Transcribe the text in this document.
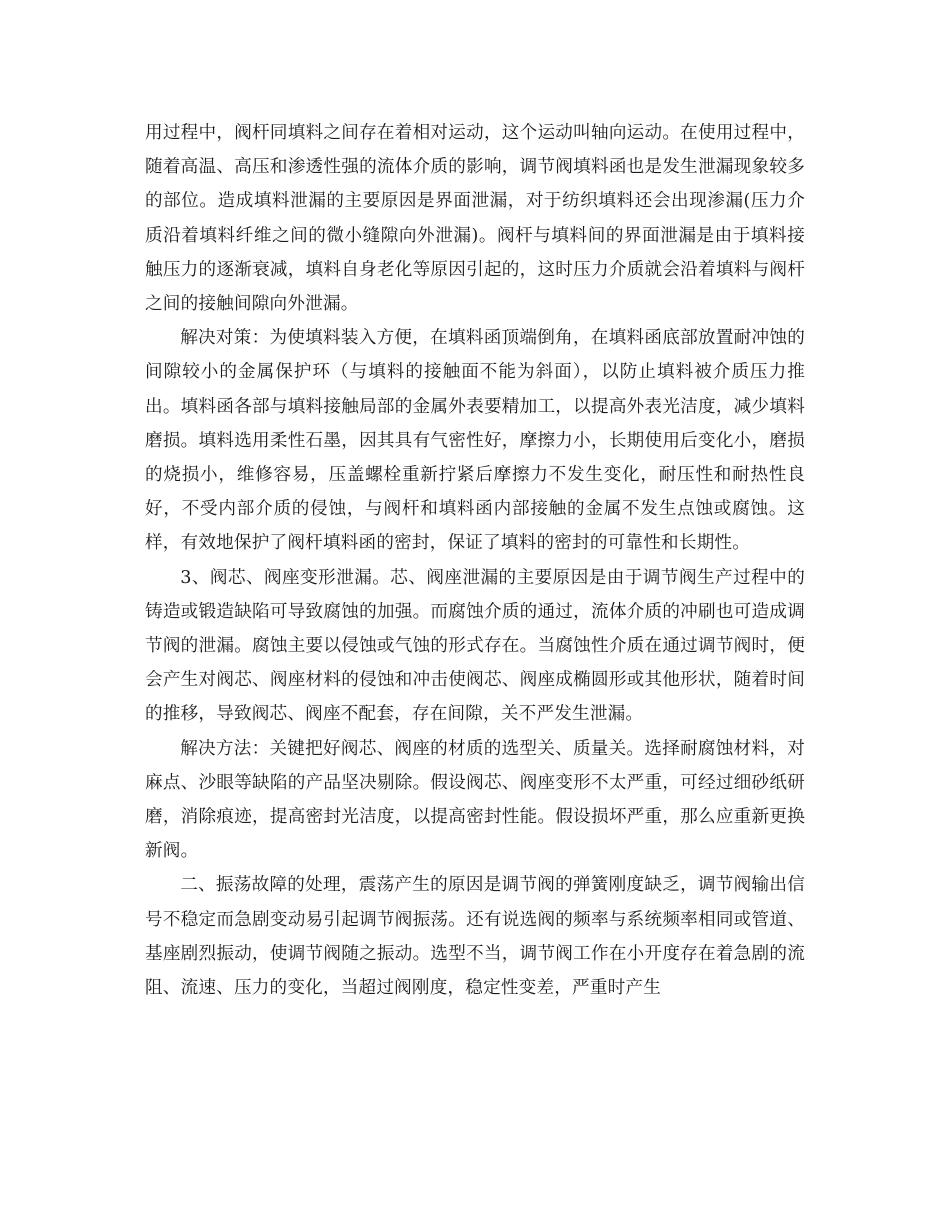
用过程中，阀杆同填料之间存在着相对运动，这个运动叫轴向运动。在使用过程中，随着高温、高压和渗透性强的流体介质的影响，调节阀填料函也是发生泄漏现象较多的部位。造成填料泄漏的主要原因是界面泄漏，对于纺织填料还会出现渗漏(压力介质沿着填料纤维之间的微小缝隙向外泄漏)。阀杆与填料间的界面泄漏是由于填料接触压力的逐渐衰减，填料自身老化等原因引起的，这时压力介质就会沿着填料与阀杆之间的接触间隙向外泄漏。

解决对策：为使填料装入方便，在填料函顶端倒角，在填料函底部放置耐冲蚀的间隙较小的金属保护环（与填料的接触面不能为斜面），以防止填料被介质压力推出。填料函各部与填料接触局部的金属外表要精加工，以提高外表光洁度，减少填料磨损。填料选用柔性石墨，因其具有气密性好，摩擦力小，长期使用后变化小，磨损的烧损小，维修容易，压盖螺栓重新拧紧后摩擦力不发生变化，耐压性和耐热性良好，不受内部介质的侵蚀，与阀杆和填料函内部接触的金属不发生点蚀或腐蚀。这样，有效地保护了阀杆填料函的密封，保证了填料的密封的可靠性和长期性。

3、阀芯、阀座变形泄漏。芯、阀座泄漏的主要原因是由于调节阀生产过程中的铸造或锻造缺陷可导致腐蚀的加强。而腐蚀介质的通过，流体介质的冲刷也可造成调节阀的泄漏。腐蚀主要以侵蚀或气蚀的形式存在。当腐蚀性介质在通过调节阀时，便会产生对阀芯、阀座材料的侵蚀和冲击使阀芯、阀座成椭圆形或其他形状，随着时间的推移，导致阀芯、阀座不配套，存在间隙，关不严发生泄漏。

解决方法：关键把好阀芯、阀座的材质的选型关、质量关。选择耐腐蚀材料，对麻点、沙眼等缺陷的产品坚决剔除。假设阀芯、阀座变形不太严重，可经过细砂纸研磨，消除痕迹，提高密封光洁度，以提高密封性能。假设损坏严重，那么应重新更换新阀。

二、振荡故障的处理，震荡产生的原因是调节阀的弹簧刚度缺乏，调节阀输出信号不稳定而急剧变动易引起调节阀振荡。还有说选阀的频率与系统频率相同或管道、基座剧烈振动，使调节阀随之振动。选型不当，调节阀工作在小开度存在着急剧的流阻、流速、压力的变化，当超过阀刚度，稳定性变差，严重时产生
